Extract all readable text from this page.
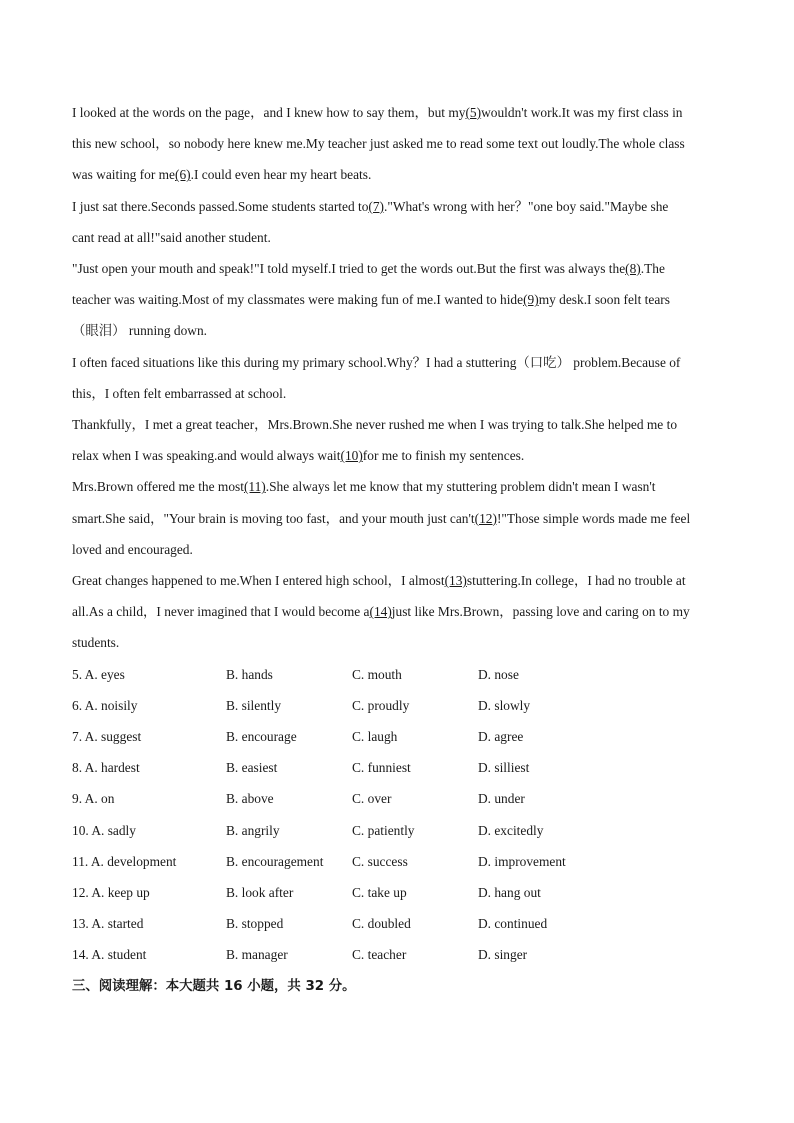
I looked at the words on the page，and I knew how to say them，but my(5)wouldn't work.It was my first class in

this new school，so nobody here knew me.My teacher just asked me to read some text out loudly.The whole class

was waiting for me(6).I could even hear my heart beats.

I just sat there.Seconds passed.Some students started to(7)."What's wrong with her？"one boy said."Maybe she

cant read at all!"said another student.

"Just open your mouth and speak!"I told myself.I tried to get the words out.But the first was always the(8).The

teacher was waiting.Most of my classmates were making fun of me.I wanted to hide(9)my desk.I soon felt tears

（眼泪） running down.

I often faced situations like this during my primary school.Why？I had a stuttering（口吃） problem.Because of

this，I often felt embarrassed at school.

Thankfully，I met a great teacher，Mrs.Brown.She never rushed me when I was trying to talk.She helped me to

relax when I was speaking.and would always wait(10)for me to finish my sentences.

Mrs.Brown offered me the most(11).She always let me know that my stuttering problem didn't mean I wasn't

smart.She said，"Your brain is moving too fast，and your mouth just can't(12)!"Those simple words made me feel

loved and encouraged.

Great changes happened to me.When I entered high school，I almost(13)stuttering.In college，I had no trouble at

all.As a child，I never imagined that I would become a(14)just like Mrs.Brown，passing love and caring on to my

students.

5. A. eyes	B. hands	C. mouth	D. nose
6. A. noisily	B. silently	C. proudly	D. slowly
7. A. suggest	B. encourage	C. laugh	D. agree
8. A. hardest	B. easiest	C. funniest	D. silliest
9. A. on	B. above	C. over	D. under
10. A. sadly	B. angrily	C. patiently	D. excitedly
11. A. development	B. encouragement C. success	D. improvement
12. A. keep up	B. look after	C. take up	D. hang out
13. A. started	B. stopped	C. doubled	D. continued
14. A. student	B. manager	C. teacher	D. singer
三、阅读理解：本大题共 16 小题，共 32 分。
